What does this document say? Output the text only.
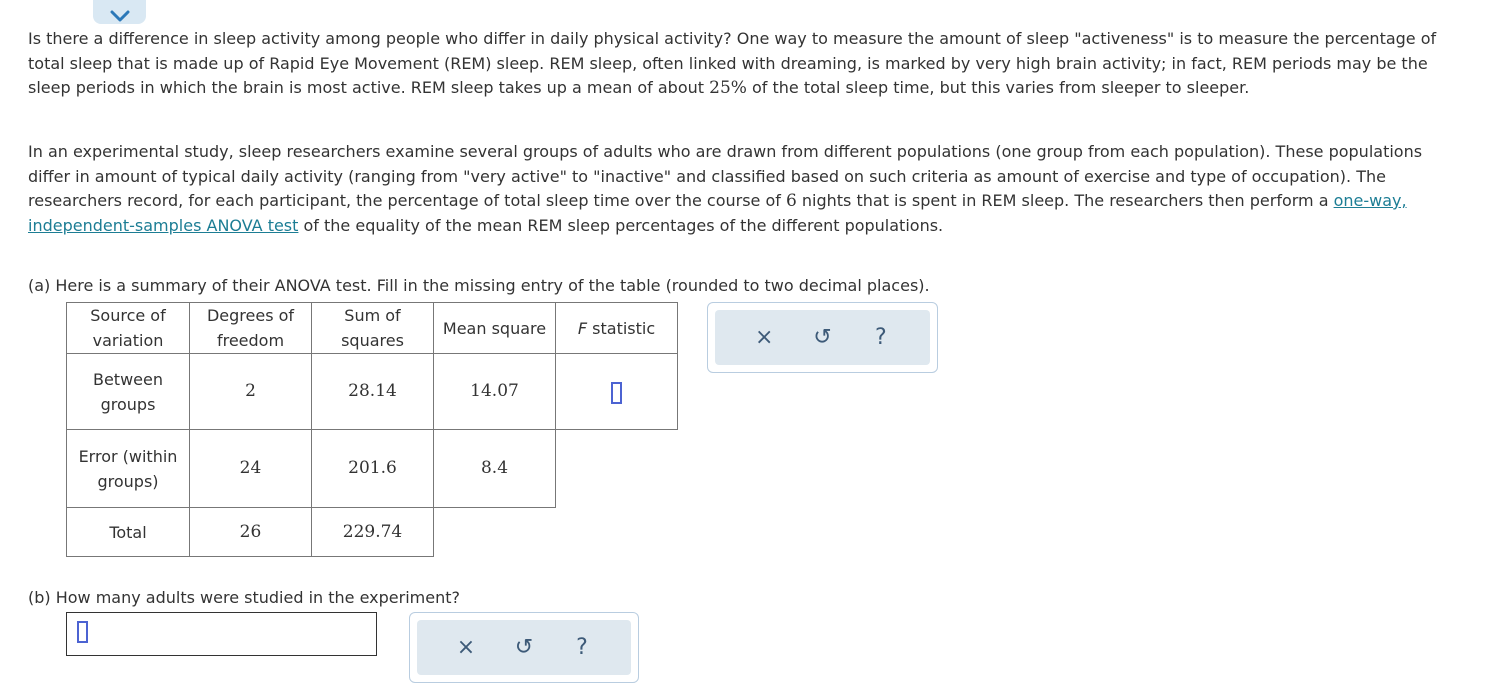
Is there a difference in sleep activity among people who differ in daily physical activity? One way to measure the amount of sleep "activeness" is to measure the percentage of total sleep that is made up of Rapid Eye Movement (REM) sleep. REM sleep, often linked with dreaming, is marked by very high brain activity; in fact, REM periods may be the sleep periods in which the brain is most active. REM sleep takes up a mean of about 25% of the total sleep time, but this varies from sleeper to sleeper.

In an experimental study, sleep researchers examine several groups of adults who are drawn from different populations (one group from each population). These populations differ in amount of typical daily activity (ranging from "very active" to "inactive" and classified based on such criteria as amount of exercise and type of occupation). The researchers record, for each participant, the percentage of total sleep time over the course of 6 nights that is spent in REM sleep. The researchers then perform a one-way, independent-samples ANOVA test of the equality of the mean REM sleep percentages of the different populations.

(a) Here is a summary of their ANOVA test. Fill in the missing entry of the table (rounded to two decimal places).
Source of variation	Degrees of freedom	Sum of squares	Mean square	F statistic
Between groups	2	28.14	14.07	
Error (within groups)	24	201.6	8.4	
Total	26	229.74		
× ↺	?
(b) How many adults were studied in the experiment?
× ↺	?
